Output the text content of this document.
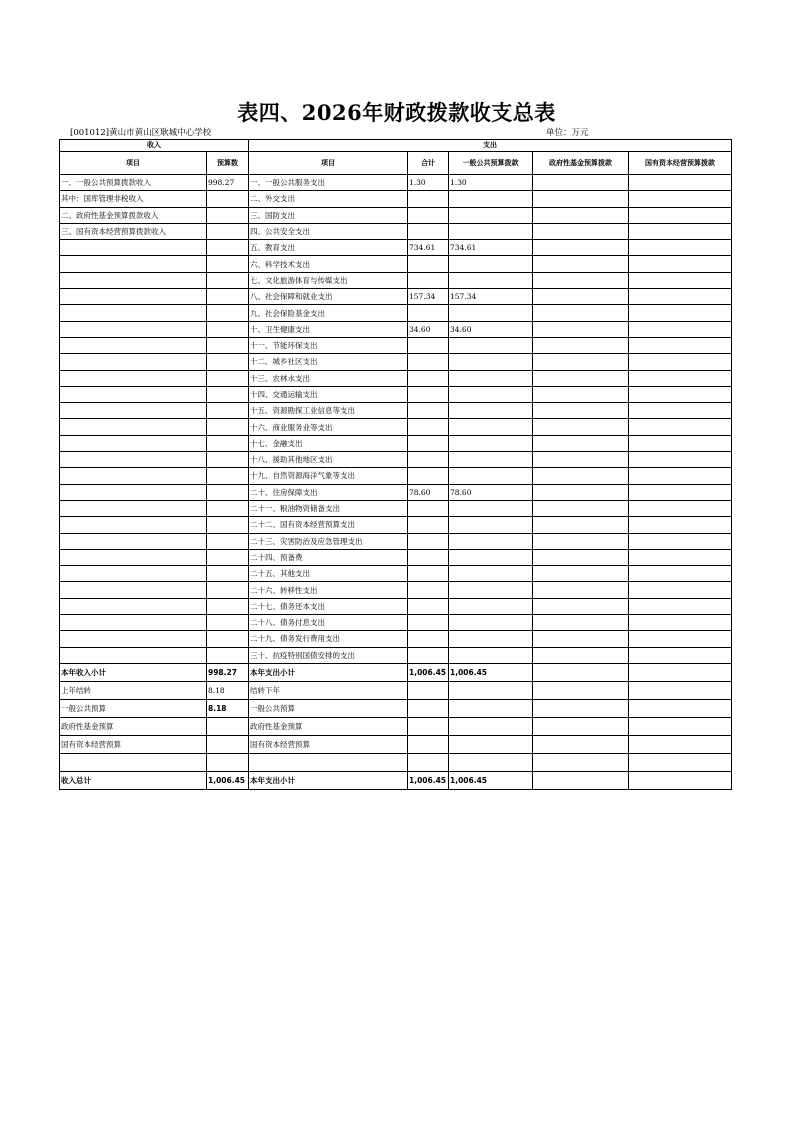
表四、2026年财政拨款收支总表
[001012]黄山市黄山区耿城中心学校	单位：万元
收入		支出				
项目	预算数	项目	合计	一般公共预算拨款	政府性基金预算拨款	国有资本经营预算拨款
一、一般公共预算拨款收入	998.27	一、一般公共服务支出	1.30	1.30		
其中：国库管理非税收入		二、外交支出				
二、政府性基金预算拨款收入		三、国防支出				
三、国有资本经营预算拨款收入		四、公共安全支出				
		五、教育支出	734.61	734.61		
		六、科学技术支出				
		七、文化旅游体育与传媒支出				
		八、社会保障和就业支出	157.34	157.34		
		九、社会保险基金支出				
		十、卫生健康支出	34.60	34.60		
		十一、节能环保支出				
		十二、城乡社区支出				
		十三、农林水支出				
		十四、交通运输支出				
		十五、资源勘探工业信息等支出				
		十六、商业服务业等支出				
		十七、金融支出				
		十八、援助其他地区支出				
		十九、自然资源海洋气象等支出				
		二十、住房保障支出	78.60	78.60		
		二十一、粮油物资储备支出				
		二十二、国有资本经营预算支出				
		二十三、灾害防治及应急管理支出				
		二十四、预备费				
		二十五、其他支出				
		二十六、转移性支出				
		二十七、债务还本支出				
		二十八、债务付息支出				
		二十九、债务发行费用支出				
		三十、抗疫特别国债安排的支出				
本年收入小计	998.27	本年支出小计	1,006.45	1,006.45		
上年结转	8.18	结转下年				
一般公共预算	8.18	一般公共预算				
政府性基金预算		政府性基金预算				
国有资本经营预算		国有资本经营预算				

收入总计	1,006.45	本年支出小计	1,006.45	1,006.45		
